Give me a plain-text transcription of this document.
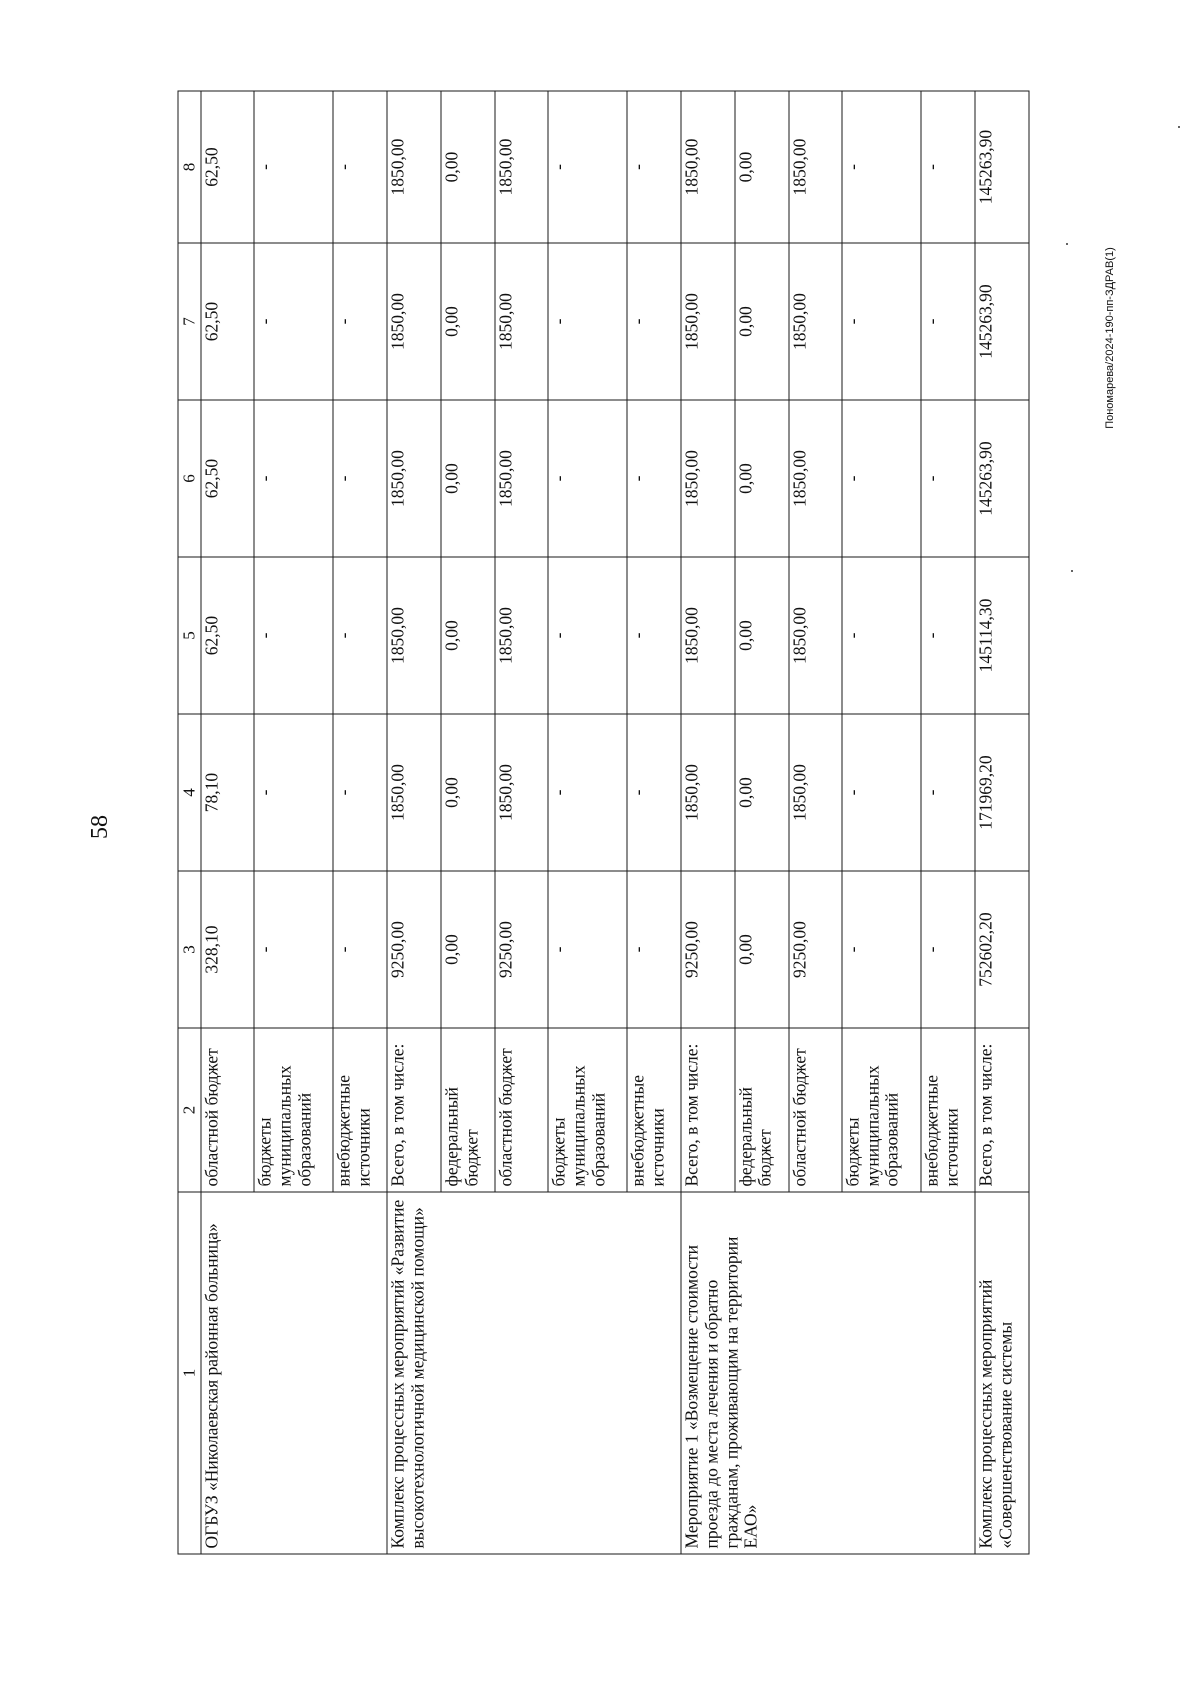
58
1	2	3	4	5	6	7	8
ОГБУЗ «Николаевская районная больница»	областной бюджет	328,10	78,10	62,50	62,50	62,50	62,50
	бюджеты муниципальных образований	-	-	-	-	-	-
	внебюджетные источники	-	-	-	-	-	-
Комплекс процессных мероприятий «Развитие высокотехнологичной медицинской помощи»	Всего, в том числе:	9250,00	1850,00	1850,00	1850,00	1850,00	1850,00
	федеральный бюджет	0,00	0,00	0,00	0,00	0,00	0,00
	областной бюджет	9250,00	1850,00	1850,00	1850,00	1850,00	1850,00
	бюджеты муниципальных образований	-	-	-	-	-	-
	внебюджетные источники	-	-	-	-	-	-
Мероприятие 1 «Возмещение стоимости проезда до места лечения и обратно гражданам, проживающим на территории ЕАО»	Всего, в том числе:	9250,00	1850,00	1850,00	1850,00	1850,00	1850,00
	федеральный бюджет	0,00	0,00	0,00	0,00	0,00	0,00
	областной бюджет	9250,00	1850,00	1850,00	1850,00	1850,00	1850,00
	бюджеты муниципальных образований	-	-	-	-	-	-
	внебюджетные источники	-	-	-	-	-	-
Комплекс процессных мероприятий «Совершенствование системы	Всего, в том числе:	752602,20	171969,20	145114,30	145263,90	145263,90	145263,90
Пономарева/2024-190-пп-ЗДРАВ(1)
